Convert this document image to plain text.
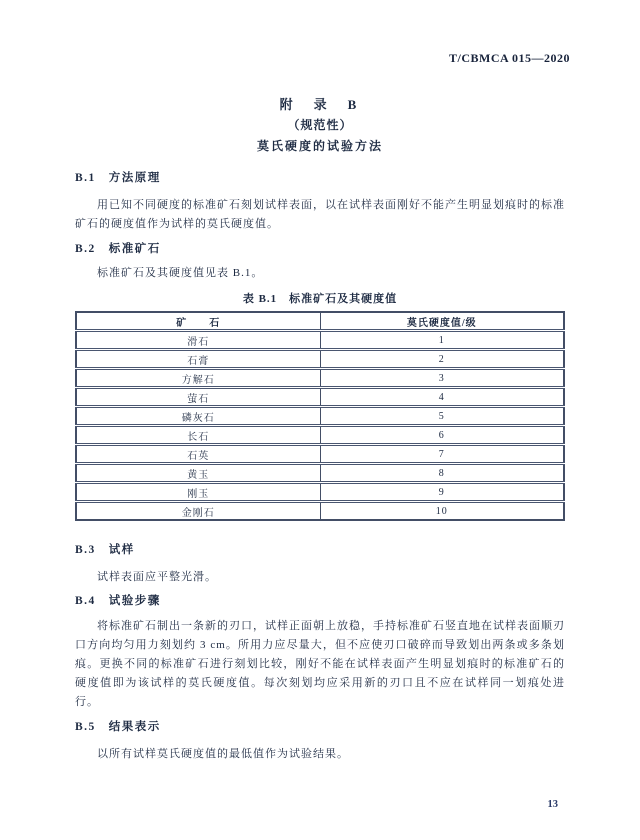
T/CBMCA 015—2020
附　录　B
（规范性）
莫氏硬度的试验方法
B.1　方法原理

用已知不同硬度的标准矿石刻划试样表面，以在试样表面刚好不能产生明显划痕时的标准矿石的硬度值作为试样的莫氏硬度值。

B.2　标准矿石

标准矿石及其硬度值见表 B.1。

表 B.1　标准矿石及其硬度值
矿　　石	莫氏硬度值/级
滑石	1
石膏	2
方解石	3
萤石	4
磷灰石	5
长石	6
石英	7
黄玉	8
刚玉	9
金刚石	10
B.3　试样

试样表面应平整光滑。

B.4　试验步骤

将标准矿石制出一条新的刃口，试样正面朝上放稳，手持标准矿石竖直地在试样表面顺刃口方向均匀用力刻划约 3 cm。所用力应尽量大，但不应使刃口破碎而导致划出两条或多条划痕。更换不同的标准矿石进行刻划比较，刚好不能在试样表面产生明显划痕时的标准矿石的硬度值即为该试样的莫氏硬度值。每次刻划均应采用新的刃口且不应在试样同一划痕处进行。

B.5　结果表示

以所有试样莫氏硬度值的最低值作为试验结果。

13
